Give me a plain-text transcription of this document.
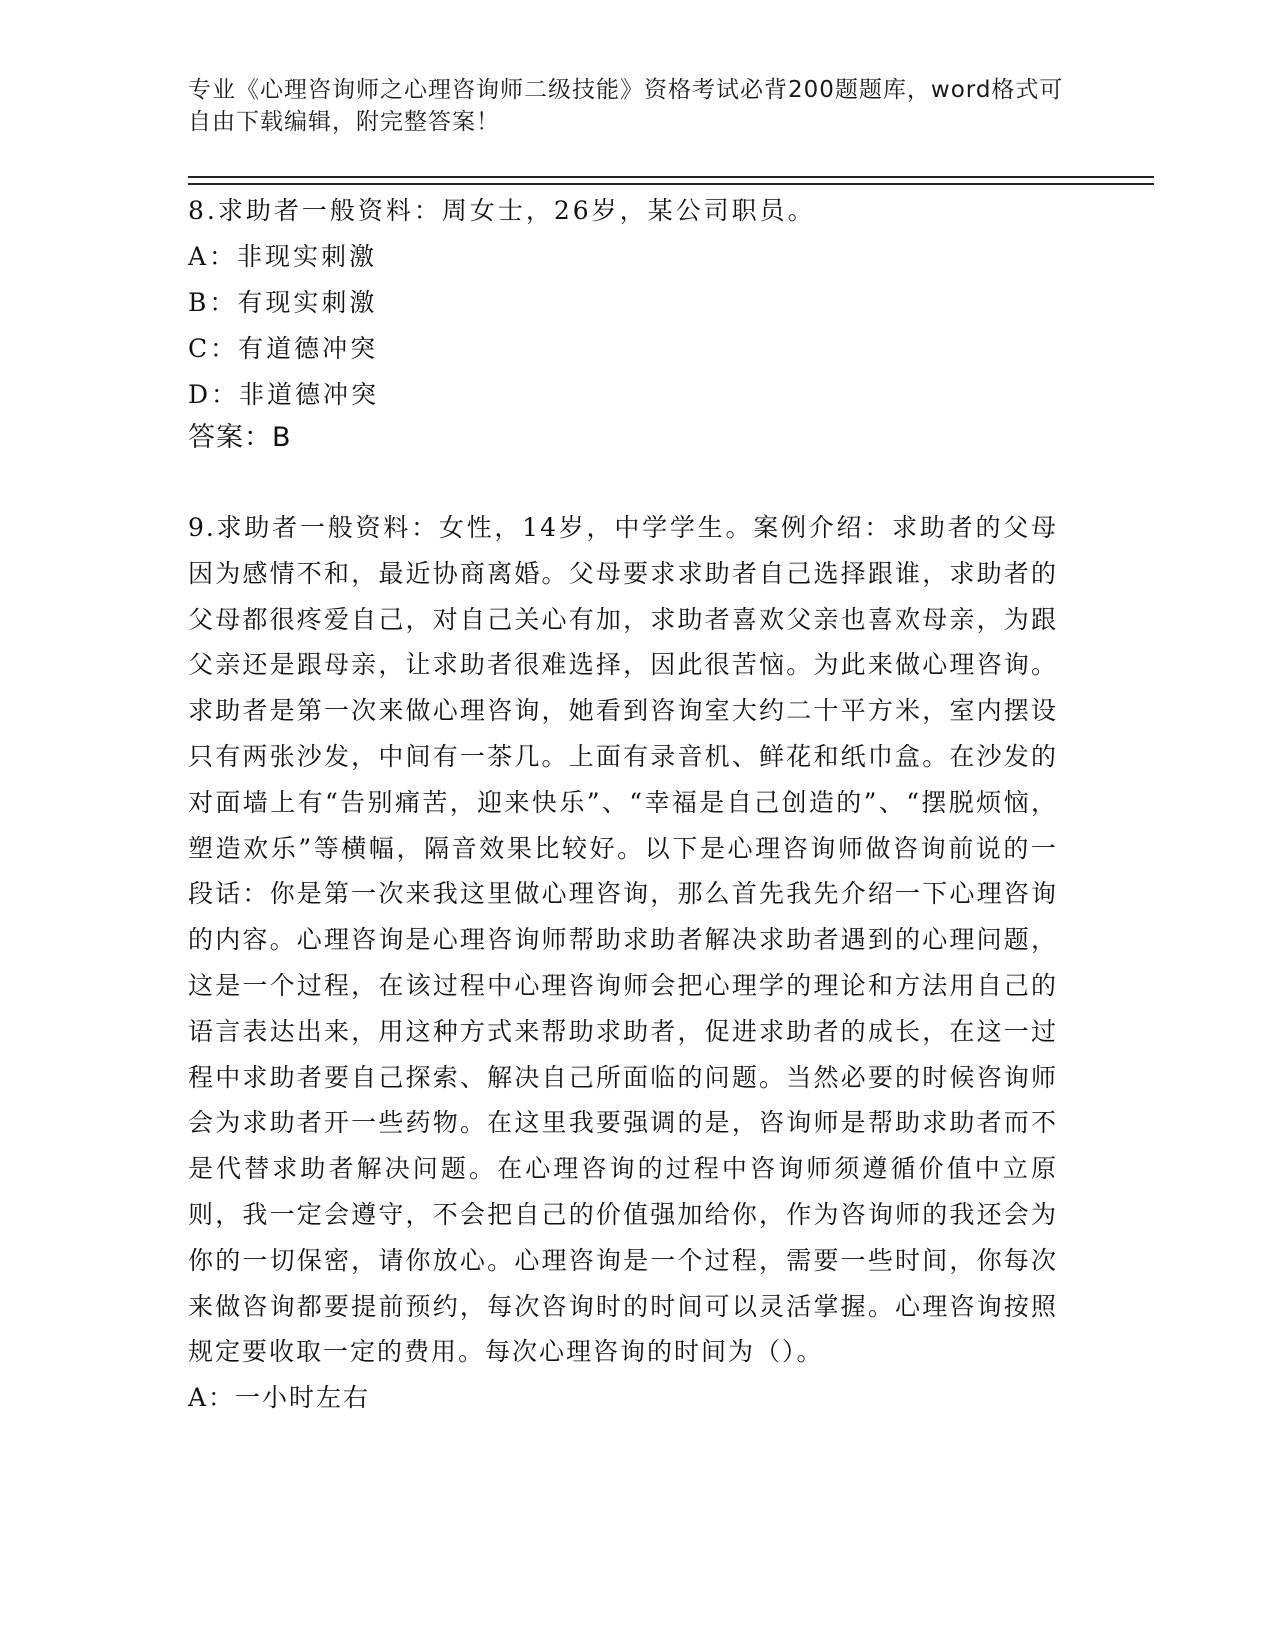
专业《心理咨询师之心理咨询师二级技能》资格考试必背200题题库，word格式可自由下载编辑，附完整答案！
8.求助者一般资料：周女士，26岁，某公司职员。
A：非现实刺激
B：有现实刺激
C：有道德冲突
D：非道德冲突
答案：B
9.求助者一般资料：女性，14岁，中学学生。案例介绍：求助者的父母因为感情不和，最近协商离婚。父母要求求助者自己选择跟谁，求助者的父母都很疼爱自己，对自己关心有加，求助者喜欢父亲也喜欢母亲，为跟父亲还是跟母亲，让求助者很难选择，因此很苦恼。为此来做心理咨询。求助者是第一次来做心理咨询，她看到咨询室大约二十平方米，室内摆设只有两张沙发，中间有一茶几。上面有录音机、鲜花和纸巾盒。在沙发的对面墙上有“告别痛苦，迎来快乐”、“幸福是自己创造的”、“摆脱烦恼，塑造欢乐”等横幅，隔音效果比较好。以下是心理咨询师做咨询前说的一段话：你是第一次来我这里做心理咨询，那么首先我先介绍一下心理咨询的内容。心理咨询是心理咨询师帮助求助者解决求助者遇到的心理问题，这是一个过程，在该过程中心理咨询师会把心理学的理论和方法用自己的语言表达出来，用这种方式来帮助求助者，促进求助者的成长，在这一过程中求助者要自己探索、解决自己所面临的问题。当然必要的时候咨询师会为求助者开一些药物。在这里我要强调的是，咨询师是帮助求助者而不是代替求助者解决问题。在心理咨询的过程中咨询师须遵循价值中立原则，我一定会遵守，不会把自己的价值强加给你，作为咨询师的我还会为你的一切保密，请你放心。心理咨询是一个过程，需要一些时间，你每次来做咨询都要提前预约，每次咨询时的时间可以灵活掌握。心理咨询按照规定要收取一定的费用。每次心理咨询的时间为（）。
A：一小时左右
